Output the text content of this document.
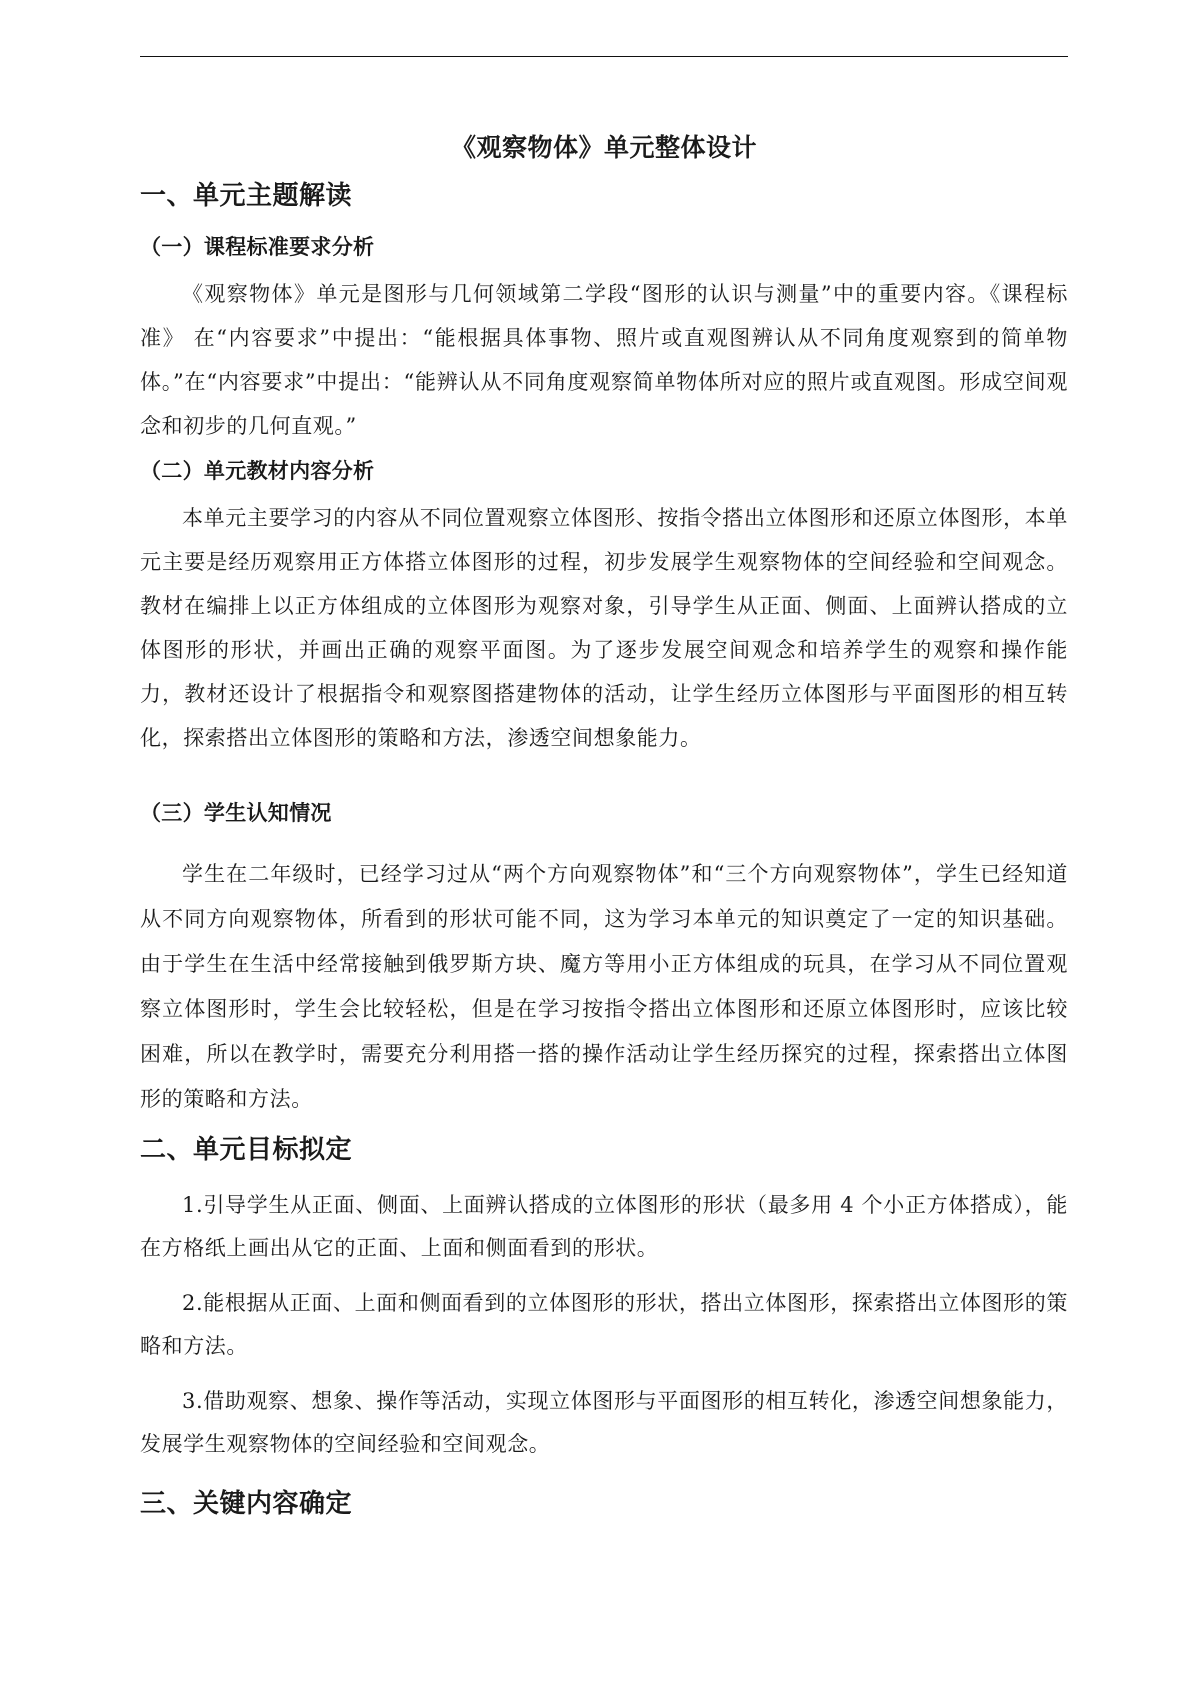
《观察物体》单元整体设计
一、单元主题解读
（一）课程标准要求分析

《观察物体》单元是图形与几何领域第二学段“图形的认识与测量”中的重要内容。《课程标准》 在“内容要求”中提出：“能根据具体事物、照片或直观图辨认从不同角度观察到的简单物体。”在“内容要求”中提出：“能辨认从不同角度观察简单物体所对应的照片或直观图。形成空间观念和初步的几何直观。”

（二）单元教材内容分析

本单元主要学习的内容从不同位置观察立体图形、按指令搭出立体图形和还原立体图形，本单元主要是经历观察用正方体搭立体图形的过程，初步发展学生观察物体的空间经验和空间观念。教材在编排上以正方体组成的立体图形为观察对象，引导学生从正面、侧面、上面辨认搭成的立体图形的形状，并画出正确的观察平面图。为了逐步发展空间观念和培养学生的观察和操作能力，教材还设计了根据指令和观察图搭建物体的活动，让学生经历立体图形与平面图形的相互转化，探索搭出立体图形的策略和方法，渗透空间想象能力。

（三）学生认知情况

学生在二年级时，已经学习过从“两个方向观察物体”和“三个方向观察物体”，学生已经知道从不同方向观察物体，所看到的形状可能不同，这为学习本单元的知识奠定了一定的知识基础。由于学生在生活中经常接触到俄罗斯方块、魔方等用小正方体组成的玩具，在学习从不同位置观察立体图形时，学生会比较轻松，但是在学习按指令搭出立体图形和还原立体图形时，应该比较困难，所以在教学时，需要充分利用搭一搭的操作活动让学生经历探究的过程，探索搭出立体图形的策略和方法。

二、单元目标拟定

1.引导学生从正面、侧面、上面辨认搭成的立体图形的形状（最多用 4 个小正方体搭成），能在方格纸上画出从它的正面、上面和侧面看到的形状。

2.能根据从正面、上面和侧面看到的立体图形的形状，搭出立体图形，探索搭出立体图形的策略和方法。

3.借助观察、想象、操作等活动，实现立体图形与平面图形的相互转化，渗透空间想象能力，发展学生观察物体的空间经验和空间观念。

三、关键内容确定
